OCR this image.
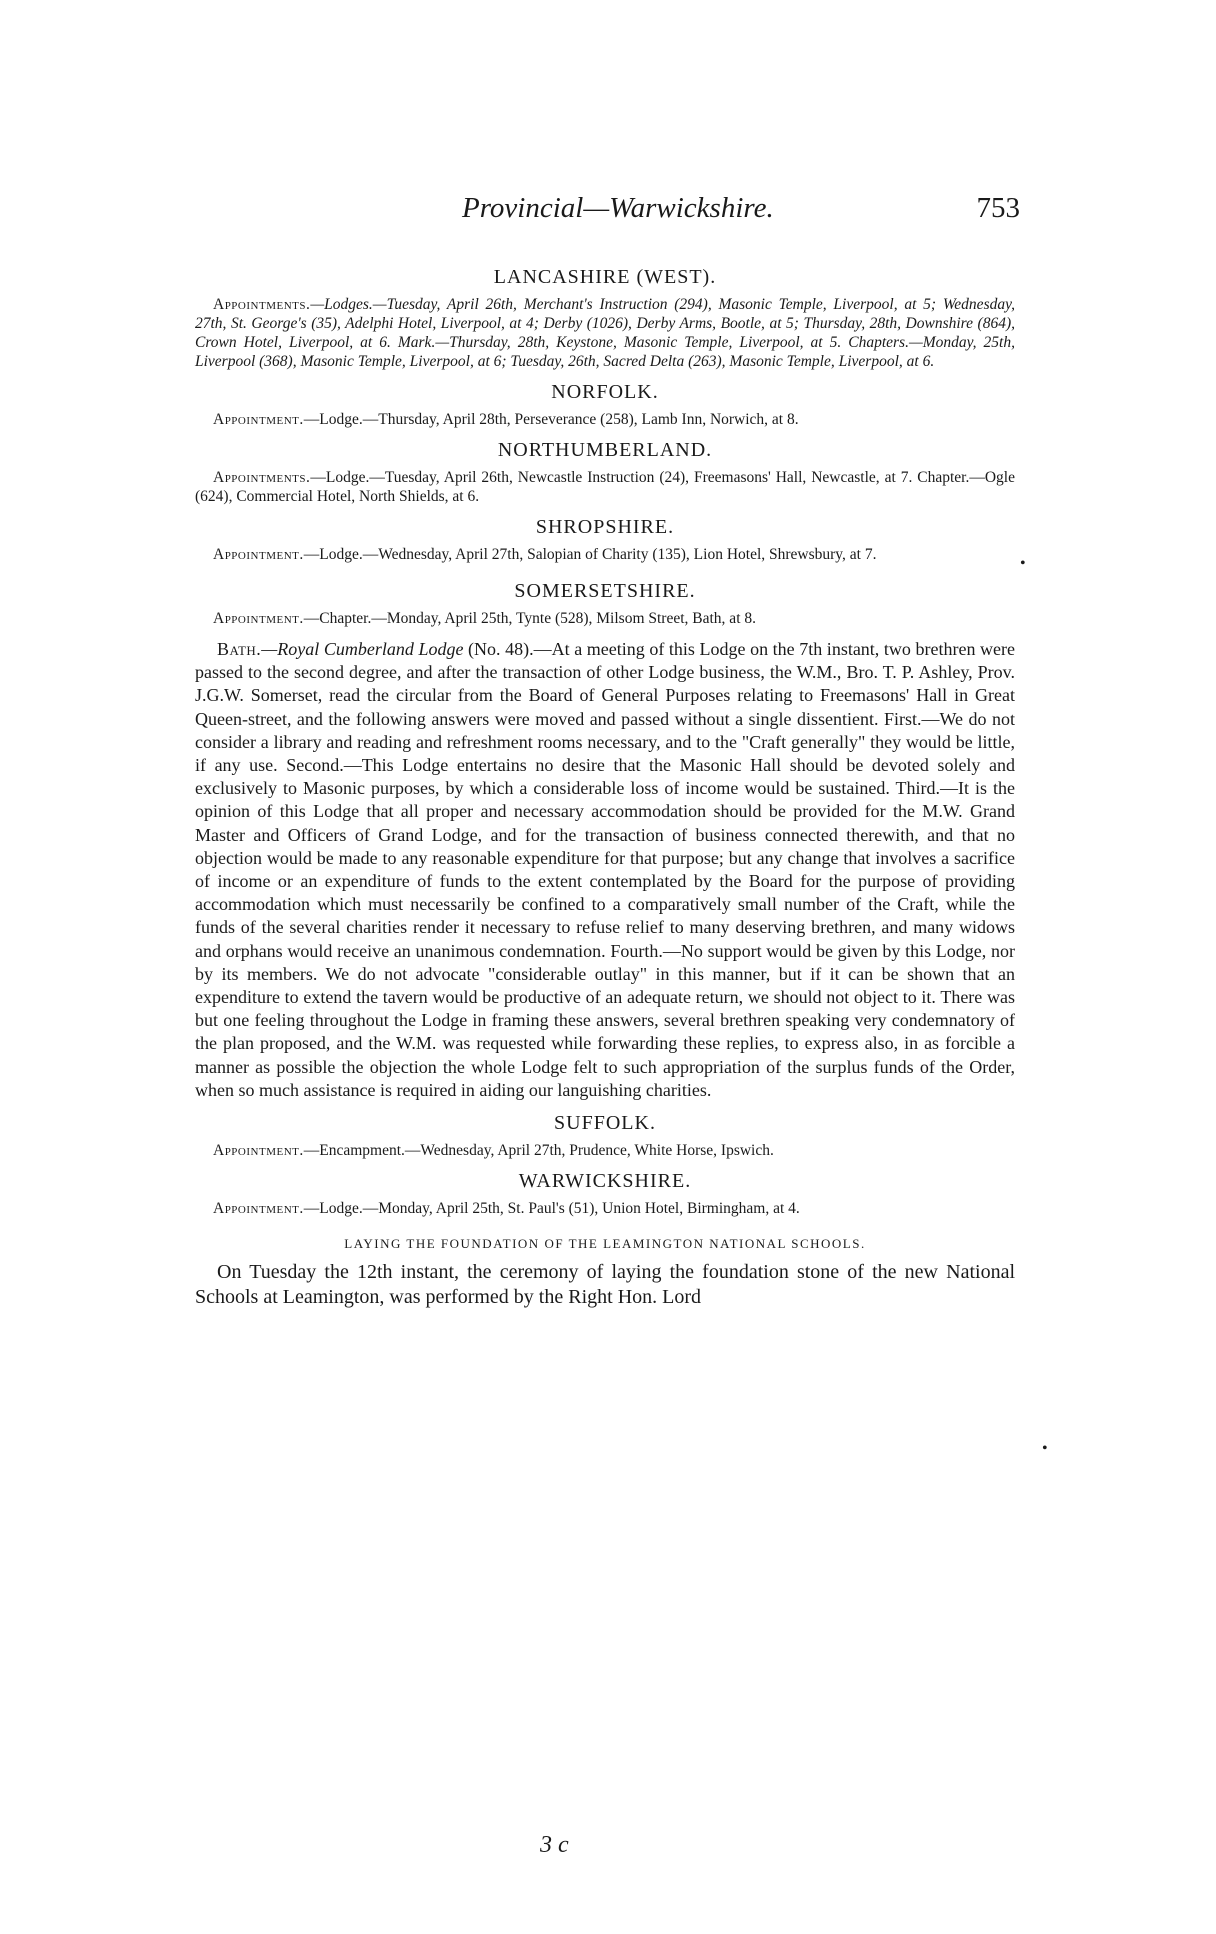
Provincial—Warwickshire.	753
LANCASHIRE (WEST).

Appointments.—Lodges.—Tuesday, April 26th, Merchant's Instruction (294), Masonic Temple, Liverpool, at 5; Wednesday, 27th, St. George's (35), Adelphi Hotel, Liverpool, at 4; Derby (1026), Derby Arms, Bootle, at 5; Thursday, 28th, Downshire (864), Crown Hotel, Liverpool, at 6. Mark.—Thursday, 28th, Keystone, Masonic Temple, Liverpool, at 5. Chapters.—Monday, 25th, Liverpool (368), Masonic Temple, Liverpool, at 6; Tuesday, 26th, Sacred Delta (263), Masonic Temple, Liverpool, at 6.

NORFOLK.

Appointment.—Lodge.—Thursday, April 28th, Perseverance (258), Lamb Inn, Norwich, at 8.

NORTHUMBERLAND.

Appointments.—Lodge.—Tuesday, April 26th, Newcastle Instruction (24), Freemasons' Hall, Newcastle, at 7. Chapter.—Ogle (624), Commercial Hotel, North Shields, at 6.

SHROPSHIRE.

Appointment.—Lodge.—Wednesday, April 27th, Salopian of Charity (135), Lion Hotel, Shrewsbury, at 7.

SOMERSETSHIRE.

Appointment.—Chapter.—Monday, April 25th, Tynte (528), Milsom Street, Bath, at 8.

Bath.—Royal Cumberland Lodge (No. 48).—At a meeting of this Lodge on the 7th instant, two brethren were passed to the second degree, and after the transaction of other Lodge business, the W.M., Bro. T. P. Ashley, Prov. J.G.W. Somerset, read the circular from the Board of General Purposes relating to Freemasons' Hall in Great Queen-street, and the following answers were moved and passed without a single dissentient. First.—We do not consider a library and reading and refreshment rooms necessary, and to the "Craft generally" they would be little, if any use. Second.—This Lodge entertains no desire that the Masonic Hall should be devoted solely and exclusively to Masonic purposes, by which a considerable loss of income would be sustained. Third.—It is the opinion of this Lodge that all proper and necessary accommodation should be provided for the M.W. Grand Master and Officers of Grand Lodge, and for the transaction of business connected therewith, and that no objection would be made to any reasonable expenditure for that purpose; but any change that involves a sacrifice of income or an expenditure of funds to the extent contemplated by the Board for the purpose of providing accommodation which must necessarily be confined to a comparatively small number of the Craft, while the funds of the several charities render it necessary to refuse relief to many deserving brethren, and many widows and orphans would receive an unanimous condemnation. Fourth.—No support would be given by this Lodge, nor by its members. We do not advocate "considerable outlay" in this manner, but if it can be shown that an expenditure to extend the tavern would be productive of an adequate return, we should not object to it. There was but one feeling throughout the Lodge in framing these answers, several brethren speaking very condemnatory of the plan proposed, and the W.M. was requested while forwarding these replies, to express also, in as forcible a manner as possible the objection the whole Lodge felt to such appropriation of the surplus funds of the Order, when so much assistance is required in aiding our languishing charities.

SUFFOLK.

Appointment.—Encampment.—Wednesday, April 27th, Prudence, White Horse, Ipswich.

WARWICKSHIRE.

Appointment.—Lodge.—Monday, April 25th, St. Paul's (51), Union Hotel, Birmingham, at 4.

LAYING THE FOUNDATION OF THE LEAMINGTON NATIONAL SCHOOLS.

On Tuesday the 12th instant, the ceremony of laying the foundation stone of the new National Schools at Leamington, was performed by the Right Hon. Lord

•
•
3 c
